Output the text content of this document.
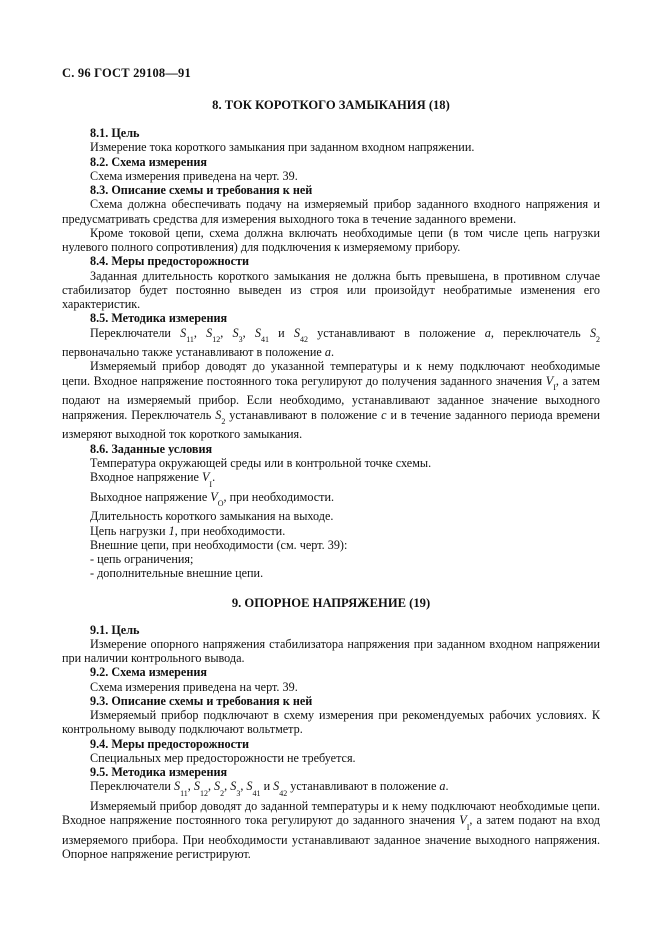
С. 96 ГОСТ 29108—91
8. ТОК КОРОТКОГО ЗАМЫКАНИЯ (18)

8.1. Цель

Измерение тока короткого замыкания при заданном входном напряжении.

8.2. Схема измерения

Схема измерения приведена на черт. 39.

8.3. Описание схемы и требования к ней

Схема должна обеспечивать подачу на измеряемый прибор заданного входного напряжения и предусматривать средства для измерения выходного тока в течение заданного времени.

Кроме токовой цепи, схема должна включать необходимые цепи (в том числе цепь нагрузки нулевого полного сопротивления) для подключения к измеряемому прибору.

8.4. Меры предосторожности

Заданная длительность короткого замыкания не должна быть превышена, в противном случае стабилизатор будет постоянно выведен из строя или произойдут необратимые изменения его характеристик.

8.5. Методика измерения

Переключатели $S_{11}$, $S_{12}$, $S_3$, $S_{41}$ и $S_{42}$ устанавливают в положение a, переключатель $S_2$ первоначально также устанавливают в положение a.

Измеряемый прибор доводят до указанной температуры и к нему подключают необходимые цепи. Входное напряжение постоянного тока регулируют до получения заданного значения $V_I$, а затем подают на измеряемый прибор. Если необходимо, устанавливают заданное значение выходного напряжения. Переключатель $S_2$ устанавливают в положение c и в течение заданного периода времени измеряют выходной ток короткого замыкания.

8.6. Заданные условия

Температура окружающей среды или в контрольной точке схемы.

Входное напряжение $V_I$.

Выходное напряжение $V_O$, при необходимости.

Длительность короткого замыкания на выходе.

Цепь нагрузки 1, при необходимости.

Внешние цепи, при необходимости (см. черт. 39):

- цепь ограничения;

- дополнительные внешние цепи.

9. ОПОРНОЕ НАПРЯЖЕНИЕ (19)

9.1. Цель

Измерение опорного напряжения стабилизатора напряжения при заданном входном напряжении при наличии контрольного вывода.

9.2. Схема измерения

Схема измерения приведена на черт. 39.

9.3. Описание схемы и требования к ней

Измеряемый прибор подключают в схему измерения при рекомендуемых рабочих условиях. К контрольному выводу подключают вольтметр.

9.4. Меры предосторожности

Специальных мер предосторожности не требуется.

9.5. Методика измерения

Переключатели $S_{11}$, $S_{12}$, $S_2$, $S_3$, $S_{41}$ и $S_{42}$ устанавливают в положение a.

Измеряемый прибор доводят до заданной температуры и к нему подключают необходимые цепи. Входное напряжение постоянного тока регулируют до заданного значения $V_I$, а затем подают на вход измеряемого прибора. При необходимости устанавливают заданное значение выходного напряжения. Опорное напряжение регистрируют.
